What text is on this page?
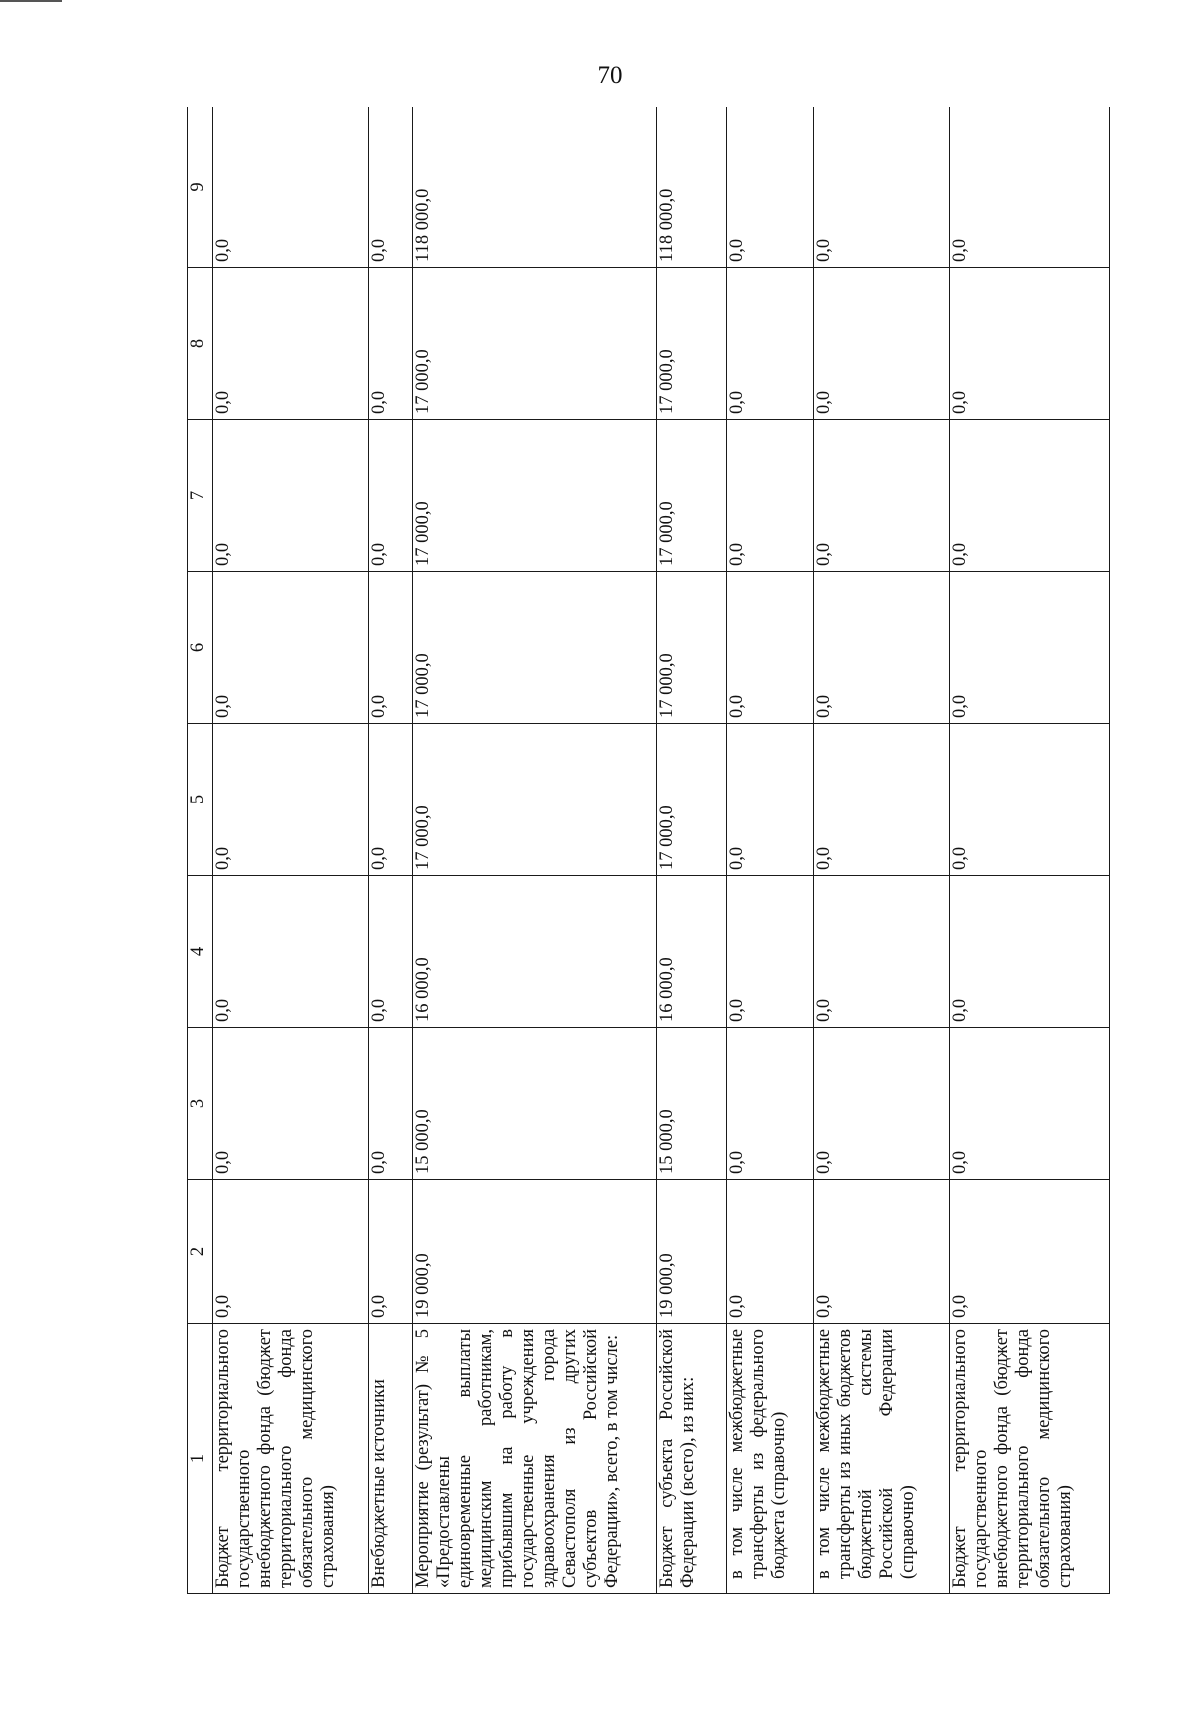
70
1	2	3	4	5	6	7	8	9
Бюджет территориального государственного внебюджетного фонда (бюджет территориального фонда обязательного медицинского страхования)	0,0	0,0	0,0	0,0	0,0	0,0	0,0	0,0
Внебюджетные источники	0,0	0,0	0,0	0,0	0,0	0,0	0,0	0,0
Мероприятие (результат) № 5 «Предоставлены единовременные выплаты медицинским работникам, прибывшим на работу в государственные учреждения здравоохранения города Севастополя из других субъектов Российской Федерации», всего, в том числе:	19 000,0	15 000,0	16 000,0	17 000,0	17 000,0	17 000,0	17 000,0	118 000,0
Бюджет субъекта Российской Федерации (всего), из них:	19 000,0	15 000,0	16 000,0	17 000,0	17 000,0	17 000,0	17 000,0	118 000,0
в том числе межбюджетные трансферты из федерального бюджета (справочно)	0,0	0,0	0,0	0,0	0,0	0,0	0,0	0,0
в том числе межбюджетные трансферты из иных бюджетов бюджетной системы Российской Федерации (справочно)	0,0	0,0	0,0	0,0	0,0	0,0	0,0	0,0
Бюджет территориального государственного внебюджетного фонда (бюджет территориального фонда обязательного медицинского страхования)	0,0	0,0	0,0	0,0	0,0	0,0	0,0	0,0
